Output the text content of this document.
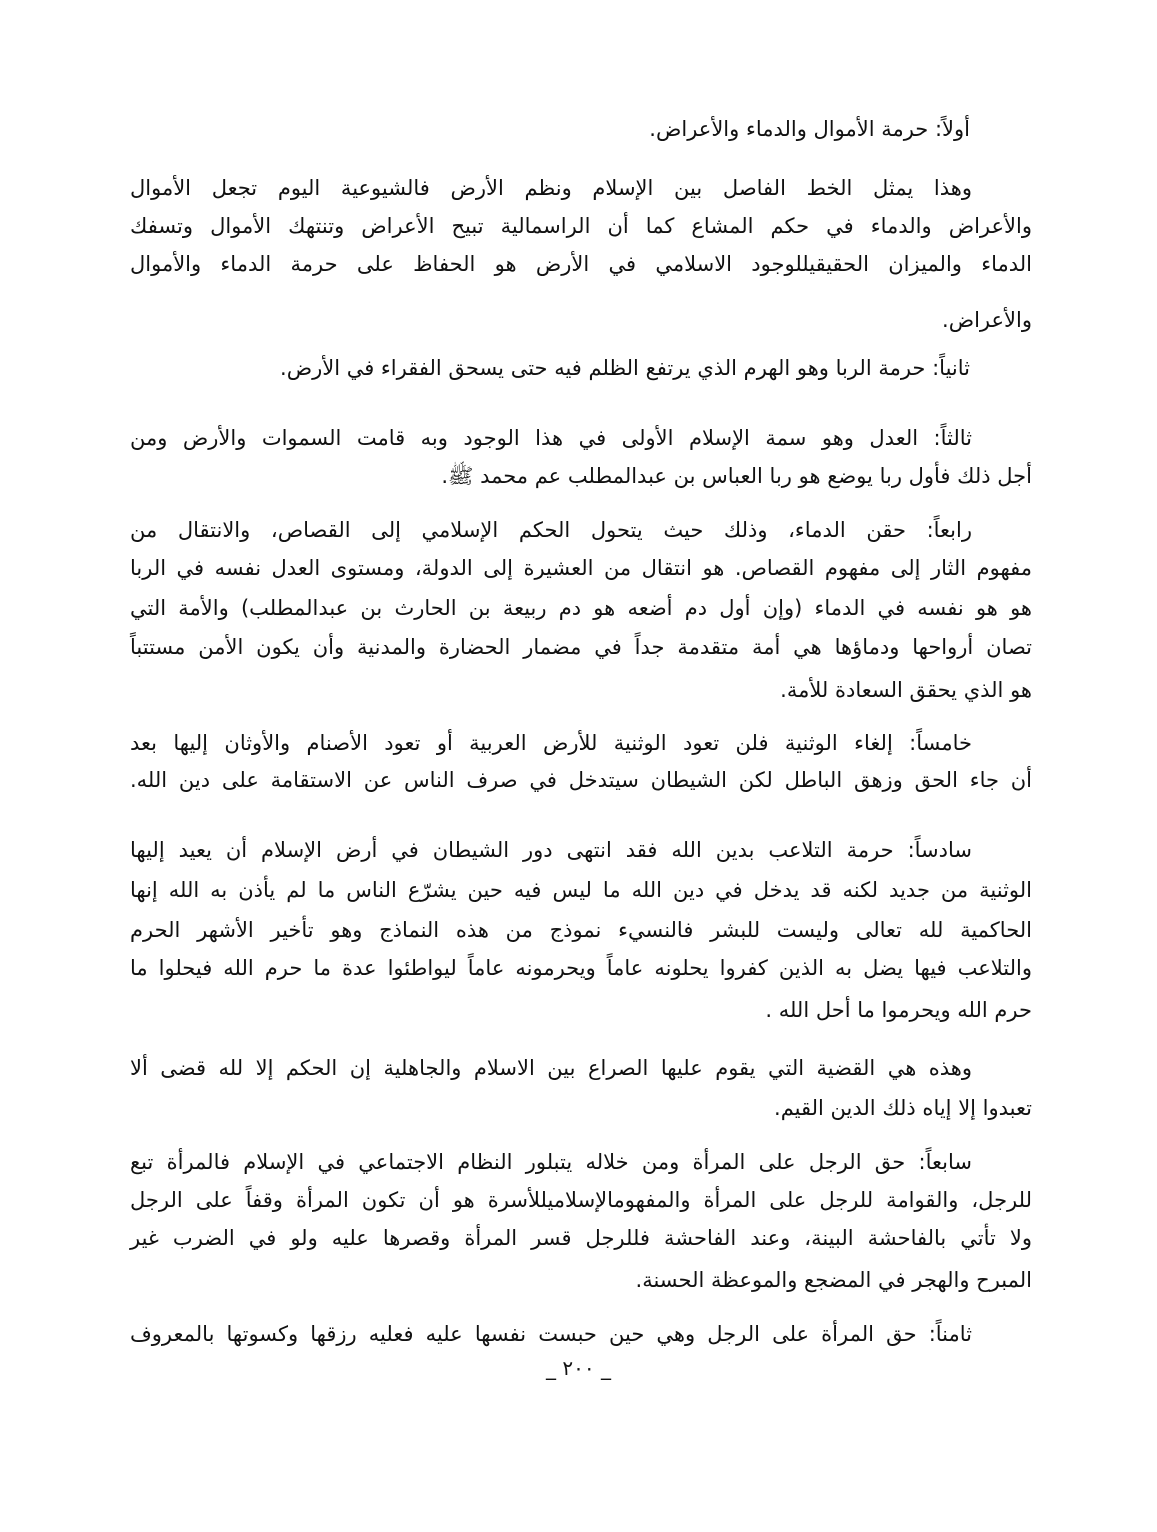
أولاً: حرمة الأموال والدماء والأعراض.
وهذا يمثل الخط الفاصل بين الإسلام ونظم الأرض فالشيوعية اليوم تجعل الأموال
والأعراض والدماء في حكم المشاع كما أن الراسمالية تبيح الأعراض وتنتهك الأموال وتسفك
الدماء والميزان الحقيقيللوجود الاسلامي في الأرض هو الحفاظ على حرمة الدماء والأموال
والأعراض.
ثانياً: حرمة الربا وهو الهرم الذي يرتفع الظلم فيه حتى يسحق الفقراء في الأرض.
ثالثاً: العدل وهو سمة الإسلام الأولى في هذا الوجود وبه قامت السموات والأرض ومن
أجل ذلك فأول ربا يوضع هو ربا العباس بن عبدالمطلب عم محمد ﷺ.
رابعاً: حقن الدماء، وذلك حيث يتحول الحكم الإسلامي إلى القصاص، والانتقال من
مفهوم الثار إلى مفهوم القصاص. هو انتقال من العشيرة إلى الدولة، ومستوى العدل نفسه في الربا
هو هو نفسه في الدماء (وإن أول دم أضعه هو دم ربيعة بن الحارث بن عبدالمطلب) والأمة التي
تصان أرواحها ودماؤها هي أمة متقدمة جداً في مضمار الحضارة والمدنية وأن يكون الأمن مستتباً
هو الذي يحقق السعادة للأمة.
خامساً: إلغاء الوثنية فلن تعود الوثنية للأرض العربية أو تعود الأصنام والأوثان إليها بعد
أن جاء الحق وزهق الباطل لكن الشيطان سيتدخل في صرف الناس عن الاستقامة على دين الله.
سادساً: حرمة التلاعب بدين الله فقد انتهى دور الشيطان في أرض الإسلام أن يعيد إليها
الوثنية من جديد لكنه قد يدخل في دين الله ما ليس فيه حين يشرّع الناس ما لم يأذن به الله إنها
الحاكمية لله تعالى وليست للبشر فالنسيء نموذج من هذه النماذج وهو تأخير الأشهر الحرم
والتلاعب فيها يضل به الذين كفروا يحلونه عاماً ويحرمونه عاماً ليواطئوا عدة ما حرم الله فيحلوا ما
حرم الله ويحرموا ما أحل الله .
وهذه هي القضية التي يقوم عليها الصراع بين الاسلام والجاهلية إن الحكم إلا لله قضى ألا
تعبدوا إلا إياه ذلك الدين القيم.
سابعاً: حق الرجل على المرأة ومن خلاله يتبلور النظام الاجتماعي في الإسلام فالمرأة تبع
للرجل، والقوامة للرجل على المرأة والمفهومالإسلاميللأسرة هو أن تكون المرأة وقفاً على الرجل
ولا تأتي بالفاحشة البينة، وعند الفاحشة فللرجل قسر المرأة وقصرها عليه ولو في الضرب غير
المبرح والهجر في المضجع والموعظة الحسنة.
ثامناً: حق المرأة على الرجل وهي حين حبست نفسها عليه فعليه رزقها وكسوتها بالمعروف
_ ٢٠٠ _
